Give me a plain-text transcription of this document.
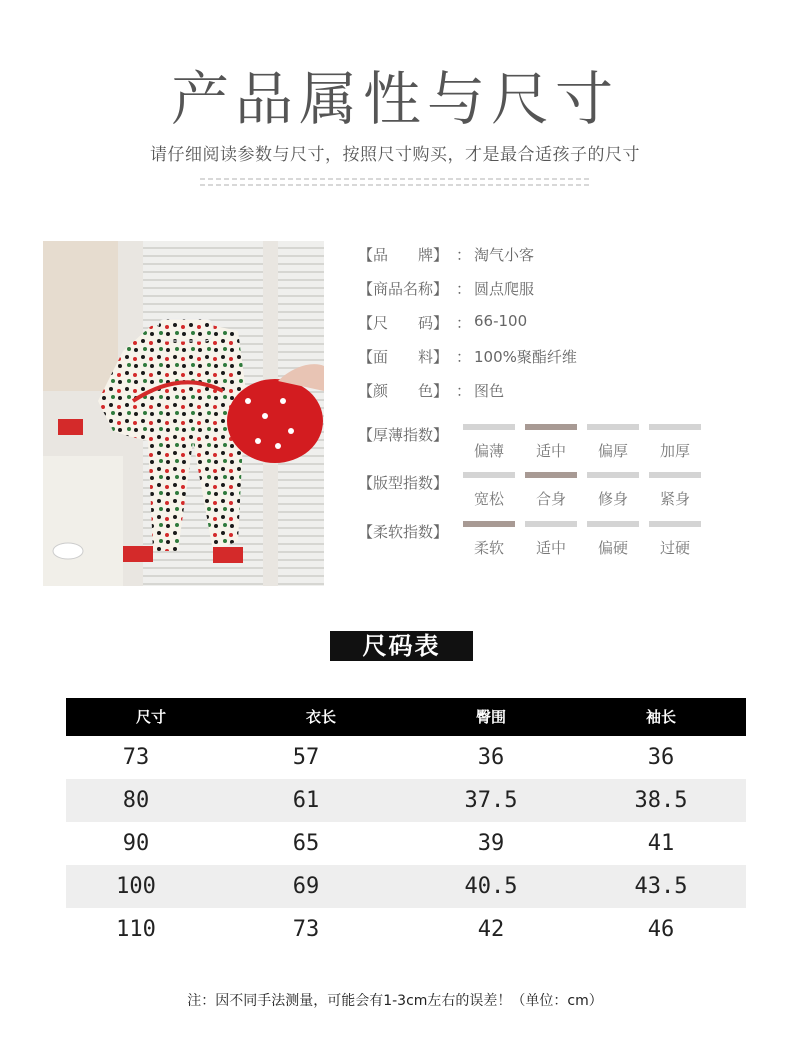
产品属性与尺寸
请仔细阅读参数与尺寸，按照尺寸购买，才是最合适孩子的尺寸
【品　　牌】 ： 淘气小客
【商品名称】 ： 圆点爬服
【尺　　码】 ： 66-100
【面　　料】 ： 100%聚酯纤维
【颜　　色】 ： 图色
【厚薄指数】
偏薄	适中	偏厚	加厚
【版型指数】
宽松	合身	修身	紧身
【柔软指数】
柔软	适中	偏硬	过硬
尺码表
尺寸	衣长	臀围	袖长
73	57	36	36
80	61	37.5	38.5
90	65	39	41
100	69	40.5	43.5
110	73	42	46
注：因不同手法测量，可能会有1-3cm左右的误差！（单位：cm）
